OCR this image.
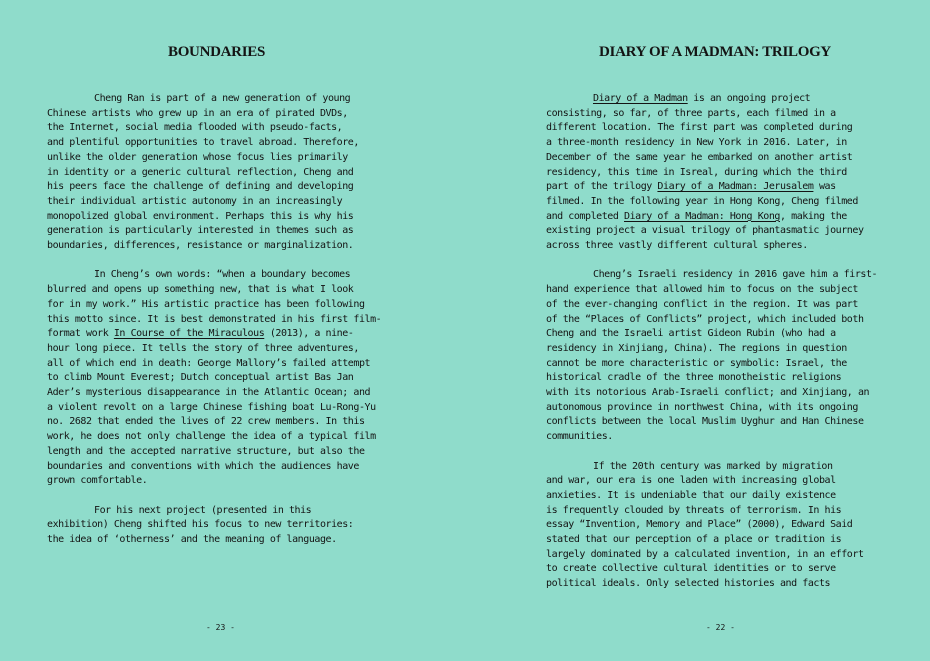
BOUNDARIES

Cheng Ran is part of a new generation of young
Chinese artists who grew up in an era of pirated DVDs,
the Internet, social media flooded with pseudo-facts,
and plentiful opportunities to travel abroad. Therefore,
unlike the older generation whose focus lies primarily
in identity or a generic cultural reflection, Cheng and
his peers face the challenge of defining and developing
their individual artistic autonomy in an increasingly
monopolized global environment. Perhaps this is why his
generation is particularly interested in themes such as
boundaries, differences, resistance or marginalization.

In Cheng’s own words: “when a boundary becomes
blurred and opens up something new, that is what I look
for in my work.” His artistic practice has been following
this motto since. It is best demonstrated in his first film-
format work In Course of the Miraculous (2013), a nine-
hour long piece. It tells the story of three adventures,
all of which end in death: George Mallory’s failed attempt
to climb Mount Everest; Dutch conceptual artist Bas Jan
Ader’s mysterious disappearance in the Atlantic Ocean; and
a violent revolt on a large Chinese fishing boat Lu-Rong-Yu
no. 2682 that ended the lives of 22 crew members. In this
work, he does not only challenge the idea of a typical film
length and the accepted narrative structure, but also the
boundaries and conventions with which the audiences have
grown comfortable.

For his next project (presented in this
exhibition) Cheng shifted his focus to new territories:
the idea of ‘otherness’ and the meaning of language.

- 23 -
DIARY OF A MADMAN: TRILOGY

Diary of a Madman is an ongoing project
consisting, so far, of three parts, each filmed in a
different location. The first part was completed during
a three-month residency in New York in 2016. Later, in
December of the same year he embarked on another artist
residency, this time in Isreal, during which the third
part of the trilogy Diary of a Madman: Jerusalem was
filmed. In the following year in Hong Kong, Cheng filmed
and completed Diary of a Madman: Hong Kong, making the
existing project a visual trilogy of phantasmatic journey
across three vastly different cultural spheres.

Cheng’s Israeli residency in 2016 gave him a first-
hand experience that allowed him to focus on the subject
of the ever-changing conflict in the region. It was part
of the “Places of Conflicts” project, which included both
Cheng and the Israeli artist Gideon Rubin (who had a
residency in Xinjiang, China). The regions in question
cannot be more characteristic or symbolic: Israel, the
historical cradle of the three monotheistic religions
with its notorious Arab-Israeli conflict; and Xinjiang, an
autonomous province in northwest China, with its ongoing
conflicts between the local Muslim Uyghur and Han Chinese
communities.

If the 20th century was marked by migration
and war, our era is one laden with increasing global
anxieties. It is undeniable that our daily existence
is frequently clouded by threats of terrorism. In his
essay “Invention, Memory and Place” (2000), Edward Said
stated that our perception of a place or tradition is
largely dominated by a calculated invention, in an effort
to create collective cultural identities or to serve
political ideals. Only selected histories and facts

- 22 -
